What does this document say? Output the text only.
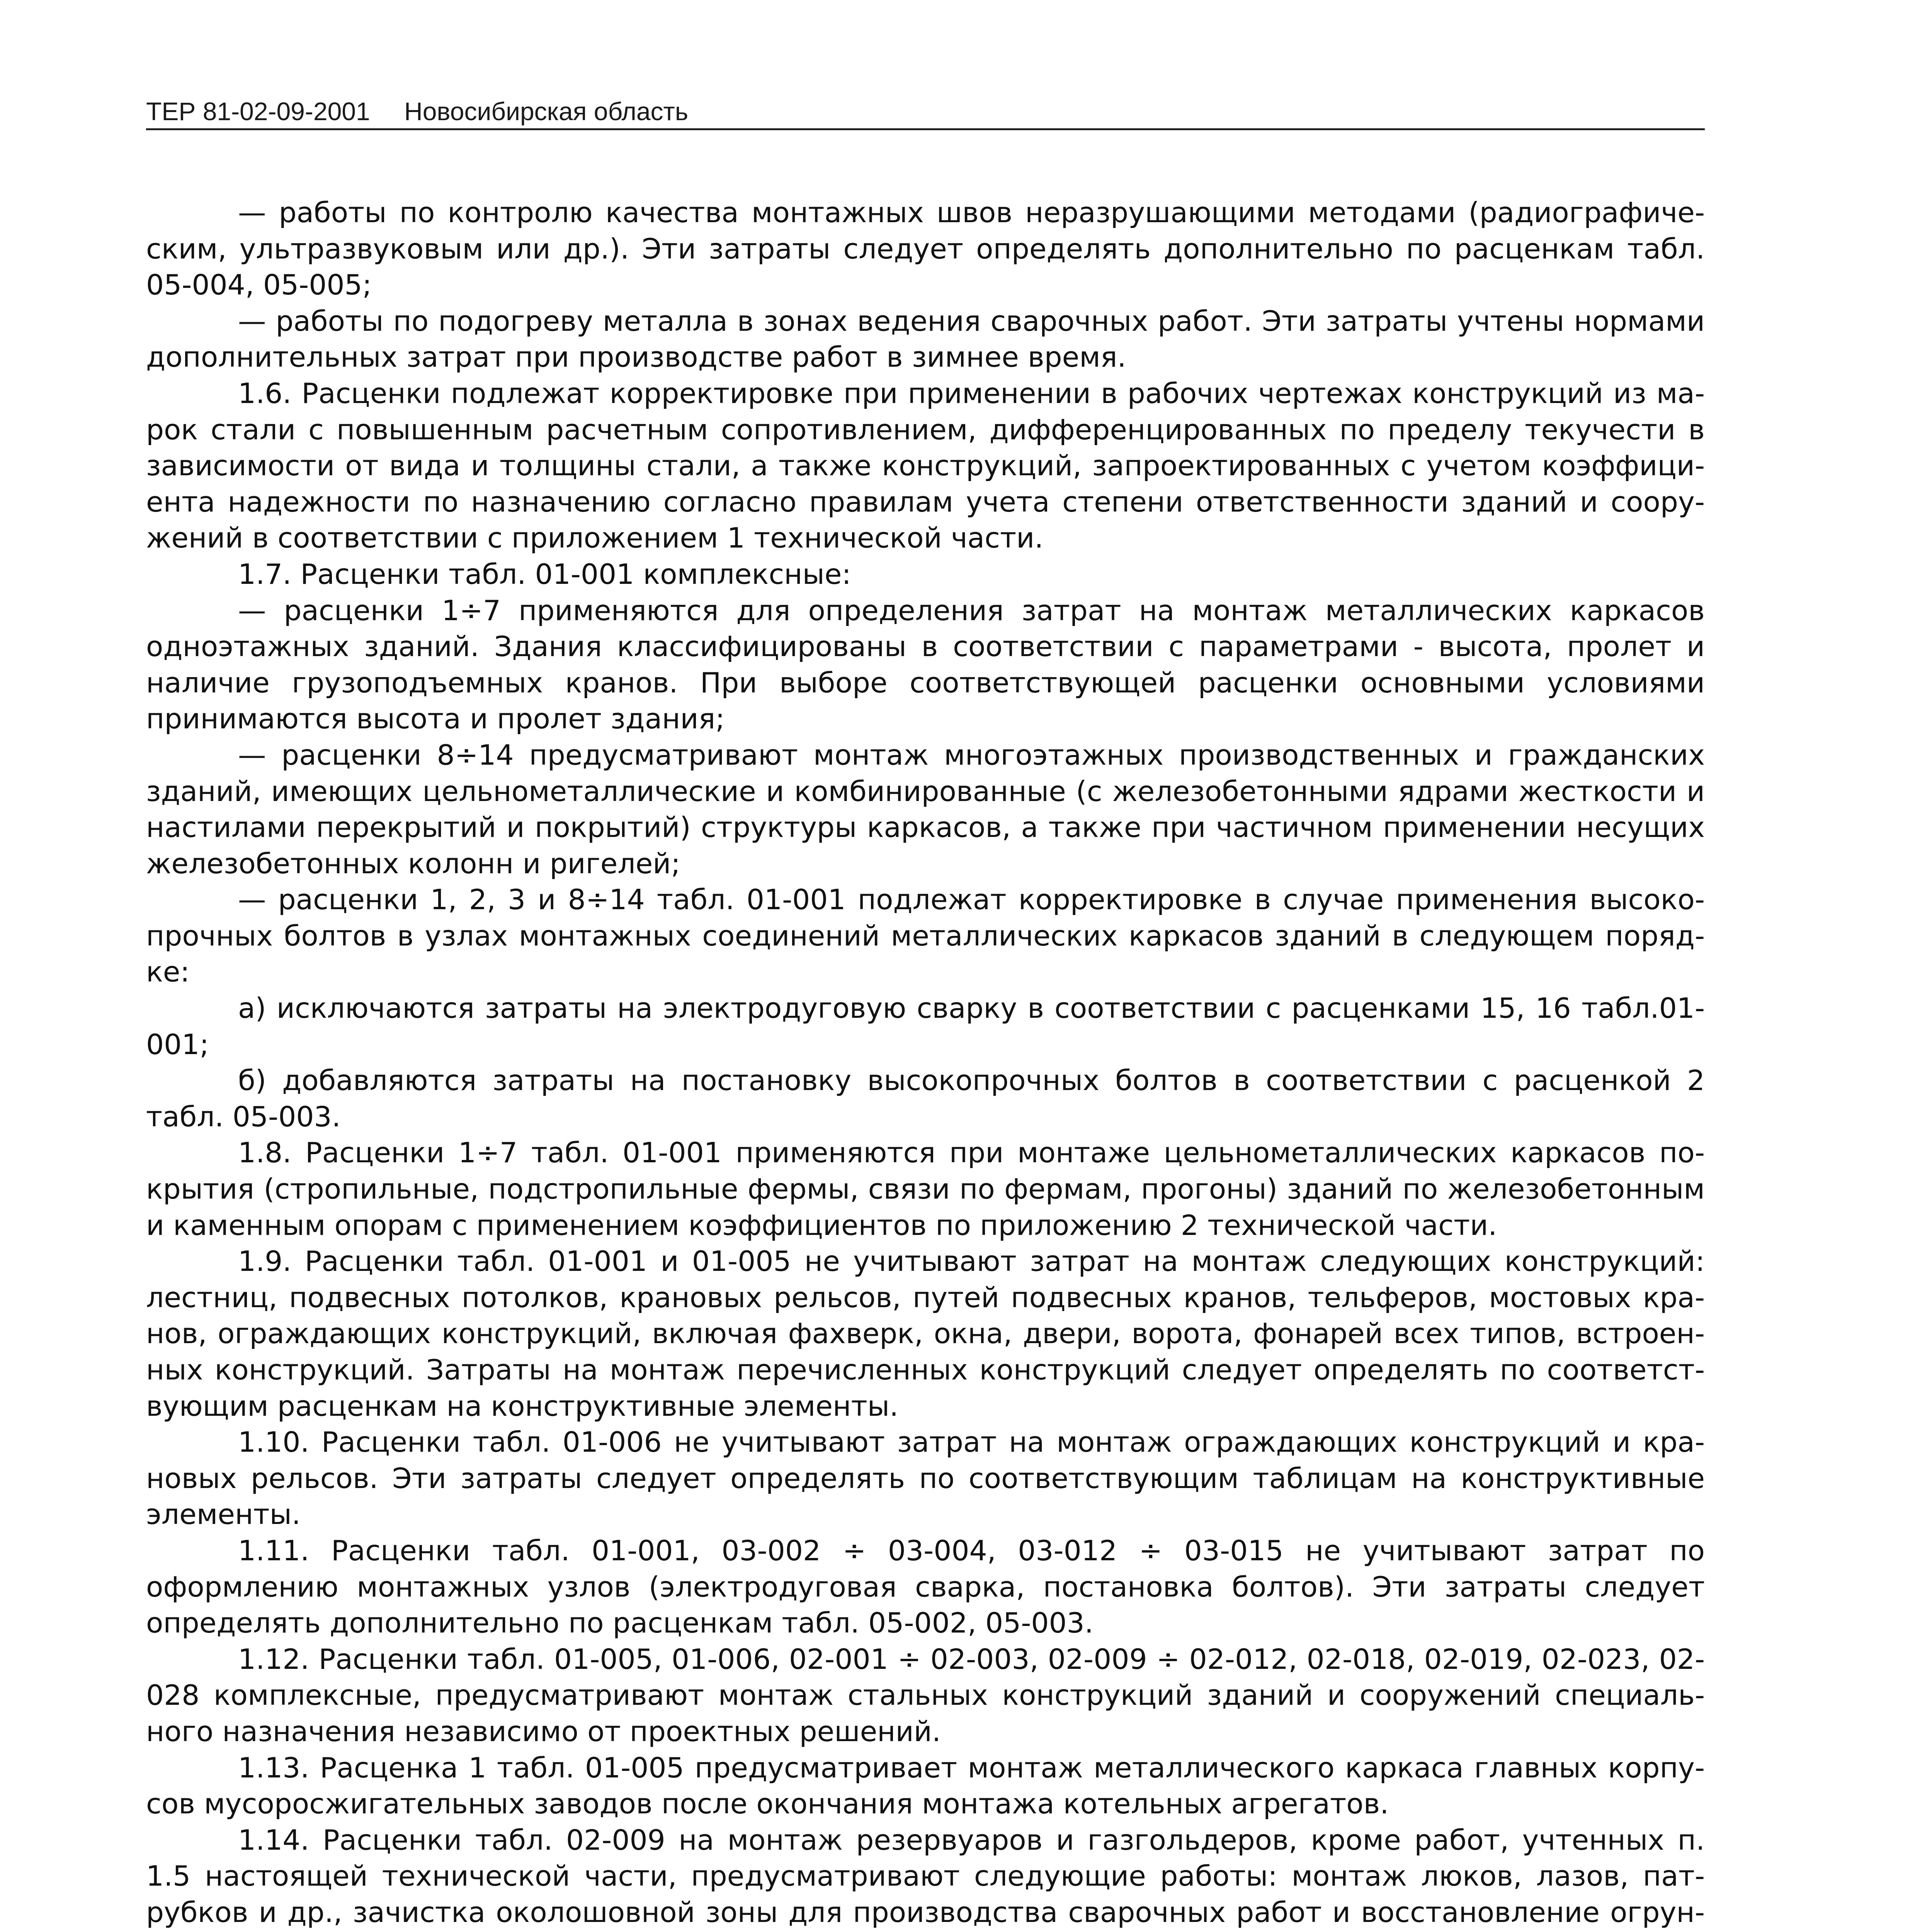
ТЕР 81-02-09-2001 Новосибирская область

— работы по контролю качества монтажных швов неразрушающими методами (радиографическим, ультразвуковым или др.). Эти затраты следует определять дополнительно по расценкам табл. 05-004, 05-005;

— работы по подогреву металла в зонах ведения сварочных работ. Эти затраты учтены нормами дополнительных затрат при производстве работ в зимнее время.

1.6. Расценки подлежат корректировке при применении в рабочих чертежах конструкций из марок стали с повышенным расчетным сопротивлением, дифференцированных по пределу текучести в зависимости от вида и толщины стали, а также конструкций, запроектированных с учетом коэффициента надежности по назначению согласно правилам учета степени ответственности зданий и сооружений в соответствии с приложением 1 технической части.

1.7. Расценки табл. 01-001 комплексные:

— расценки 1÷7 применяются для определения затрат на монтаж металлических каркасов одноэтажных зданий. Здания классифицированы в соответствии с параметрами - высота, пролет и наличие грузоподъемных кранов. При выборе соответствующей расценки основными условиями принимаются высота и пролет здания;

— расценки 8÷14 предусматривают монтаж многоэтажных производственных и гражданских зданий, имеющих цельнометаллические и комбинированные (с железобетонными ядрами жесткости и настилами перекрытий и покрытий) структуры каркасов, а также при частичном применении несущих железобетонных колонн и ригелей;

— расценки 1, 2, 3 и 8÷14 табл. 01-001 подлежат корректировке в случае применения высокопрочных болтов в узлах монтажных соединений металлических каркасов зданий в следующем порядке:

а) исключаются затраты на электродуговую сварку в соответствии с расценками 15, 16 табл.01-001;

б) добавляются затраты на постановку высокопрочных болтов в соответствии с расценкой 2 табл. 05-003.

1.8. Расценки 1÷7 табл. 01-001 применяются при монтаже цельнометаллических каркасов покрытия (стропильные, подстропильные фермы, связи по фермам, прогоны) зданий по железобетонным и каменным опорам с применением коэффициентов по приложению 2 технической части.

1.9. Расценки табл. 01-001 и 01-005 не учитывают затрат на монтаж следующих конструкций: лестниц, подвесных потолков, крановых рельсов, путей подвесных кранов, тельферов, мостовых кранов, ограждающих конструкций, включая фахверк, окна, двери, ворота, фонарей всех типов, встроенных конструкций. Затраты на монтаж перечисленных конструкций следует определять по соответствующим расценкам на конструктивные элементы.

1.10. Расценки табл. 01-006 не учитывают затрат на монтаж ограждающих конструкций и крановых рельсов. Эти затраты следует определять по соответствующим таблицам на конструктивные элементы.

1.11. Расценки табл. 01-001, 03-002 ÷ 03-004, 03-012 ÷ 03-015 не учитывают затрат по оформлению монтажных узлов (электродуговая сварка, постановка болтов). Эти затраты следует определять дополнительно по расценкам табл. 05-002, 05-003.

1.12. Расценки табл. 01-005, 01-006, 02-001 ÷ 02-003, 02-009 ÷ 02-012, 02-018, 02-019, 02-023, 02-028 комплексные, предусматривают монтаж стальных конструкций зданий и сооружений специального назначения независимо от проектных решений.

1.13. Расценка 1 табл. 01-005 предусматривает монтаж металлического каркаса главных корпусов мусоросжигательных заводов после окончания монтажа котельных агрегатов.

1.14. Расценки табл. 02-009 на монтаж резервуаров и газгольдеров, кроме работ, учтенных п. 1.5 настоящей технической части, предусматривают следующие работы: монтаж люков, лазов, патрубков и др., зачистка околошовной зоны для производства сварочных работ и восстановление огрун
